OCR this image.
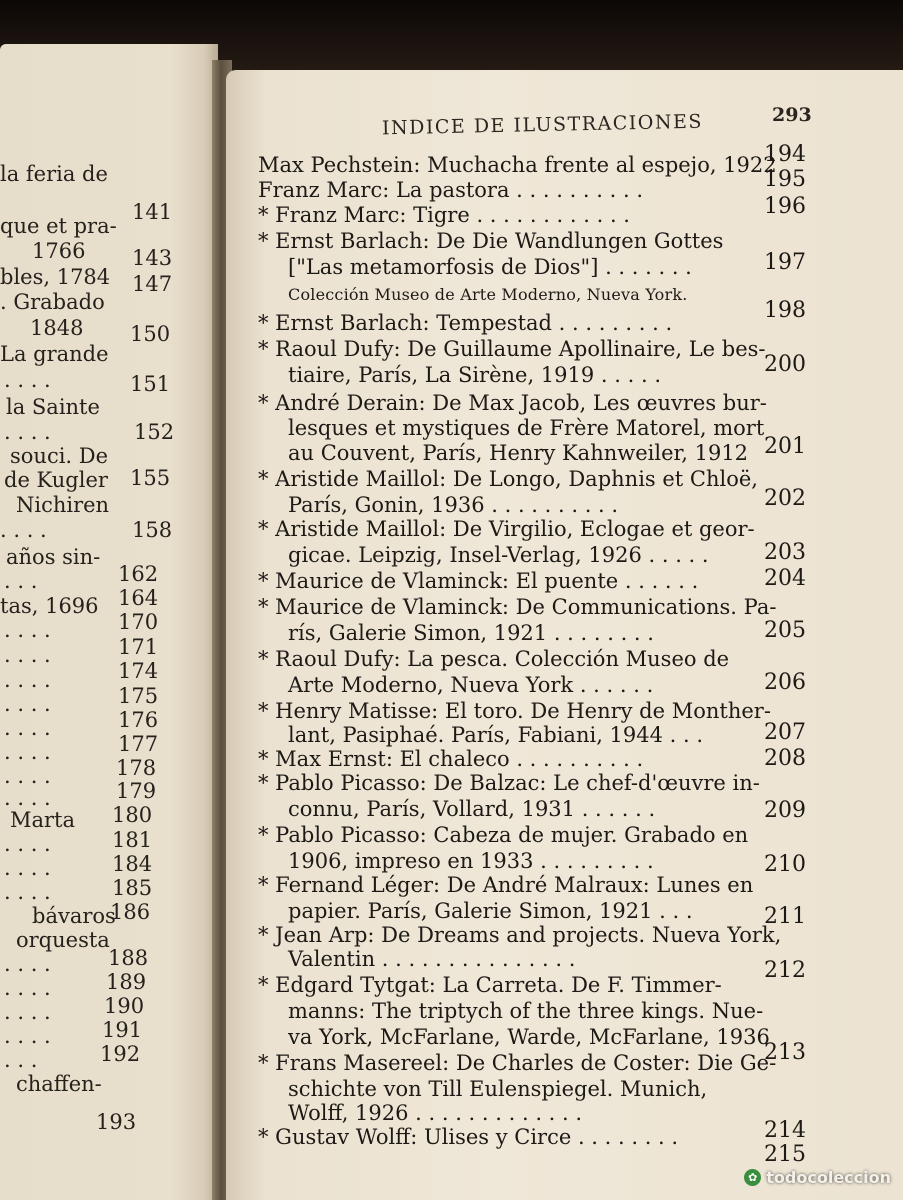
INDICE DE ILUSTRACIONES	293
la feria de
que et pra-
1766
bles, 1784
. Grabado
1848
La grande
. . . .
la Sainte
. . . .
souci. De
de Kugler
Nichiren
. . . .
años sin-
. . .
tas, 1696
. . . .
. . . .
. . . .
. . . .
. . . .
. . . .
. . . .
. . . .
Marta
. . . .
. . . .
. . . .
bávaros
orquesta
. . . .
. . . .
. . . .
. . . .
. . .
chaffen-
141
143
147
150
151
152
155
158
162
164
170
171
174
175
176
177
178
179
180
181
184
185
186
188
189
190
191
192
193
Max Pechstein: Muchacha frente al espejo, 1922
Franz Marc: La pastora . . . . . . . . . .
* Franz Marc: Tigre . . . . . . . . . . . .
* Ernst Barlach: De Die Wandlungen Gottes
["Las metamorfosis de Dios"] . . . . . . .
Colección Museo de Arte Moderno, Nueva York.
* Ernst Barlach: Tempestad . . . . . . . . .
* Raoul Dufy: De Guillaume Apollinaire, Le bes-
tiaire, París, La Sirène, 1919 . . . . .
* André Derain: De Max Jacob, Les œuvres bur-
lesques et mystiques de Frère Matorel, mort
au Couvent, París, Henry Kahnweiler, 1912
* Aristide Maillol: De Longo, Daphnis et Chloë,
París, Gonin, 1936 . . . . . . . . . .
* Aristide Maillol: De Virgilio, Eclogae et geor-
gicae. Leipzig, Insel-Verlag, 1926 . . . . .
* Maurice de Vlaminck: El puente . . . . . .
* Maurice de Vlaminck: De Communications. Pa-
rís, Galerie Simon, 1921 . . . . . . . .
* Raoul Dufy: La pesca. Colección Museo de
Arte Moderno, Nueva York . . . . . .
* Henry Matisse: El toro. De Henry de Monther-
lant, Pasiphaé. París, Fabiani, 1944 . . .
* Max Ernst: El chaleco . . . . . . . . . .
* Pablo Picasso: De Balzac: Le chef-d'œuvre in-
connu, París, Vollard, 1931 . . . . . .
* Pablo Picasso: Cabeza de mujer. Grabado en
1906, impreso en 1933 . . . . . . . . .
* Fernand Léger: De André Malraux: Lunes en
papier. París, Galerie Simon, 1921 . . .
* Jean Arp: De Dreams and projects. Nueva York,
Valentin . . . . . . . . . . . . . . .
* Edgard Tytgat: La Carreta. De F. Timmer-
manns: The triptych of the three kings. Nue-
va York, McFarlane, Warde, McFarlane, 1936
* Frans Masereel: De Charles de Coster: Die Ge-
schichte von Till Eulenspiegel. Munich,
Wolff, 1926 . . . . . . . . . . . . .
* Gustav Wolff: Ulises y Circe . . . . . . . .
194
195
196
197
198
200
201
202
203
204
205
206
207
208
209
210
211
212
213
214
215
✿ todocoleccion
